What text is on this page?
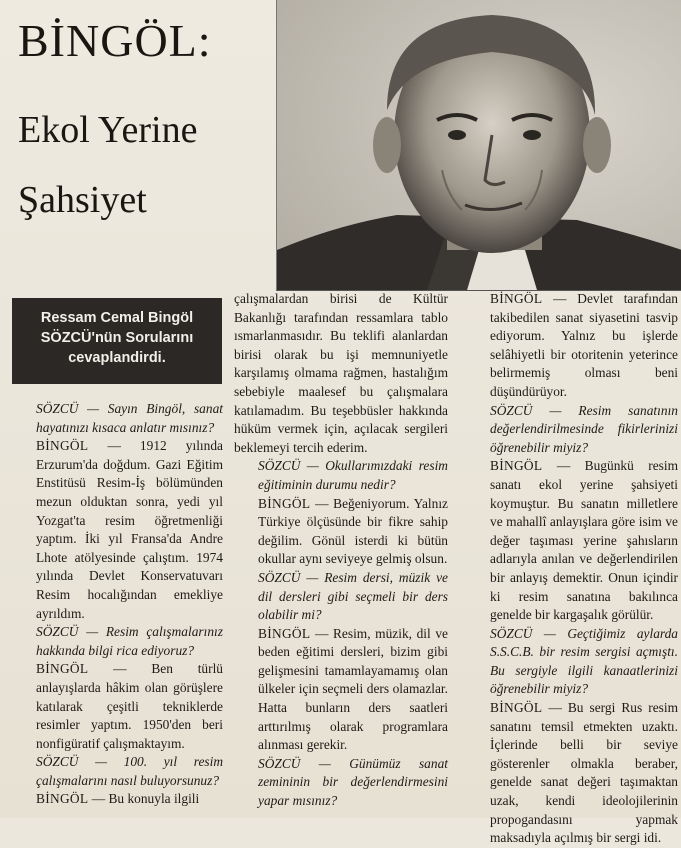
BİNGÖL:
Ekol Yerine
Şahsiyet
Ressam Cemal Bingöl
SÖZCÜ'nün Sorularını
cevaplandirdi.

SÖZCÜ — Sayın Bingöl, sanat hayatınızı kısaca anlatır mısınız?

BİNGÖL — 1912 yılında Erzurum'da doğdum. Gazi Eğitim Enstitüsü Resim-İş bölümünden mezun olduktan sonra, yedi yıl Yozgat'ta resim öğretmenliği yaptım. İki yıl Fransa'da Andre Lhote atölyesinde çalıştım. 1974 yılında Devlet Konservatuvarı Resim hocalığından emekliye ayrıldım.

SÖZCÜ — Resim çalışmalarınız hakkında bilgi rica ediyoruz?

BİNGÖL — Ben türlü anlayışlarda hâkim olan görüşlere katılarak çeşitli tekniklerde resimler yaptım. 1950'den beri nonfigüratif çalışmaktayım.

SÖZCÜ — 100. yıl resim çalışmalarını nasıl buluyorsunuz?

BİNGÖL — Bu konuyla ilgili

çalışmalardan birisi de Kültür Bakanlığı tarafından ressamlara tablo ısmarlanmasıdır. Bu teklifi alanlardan birisi olarak bu işi memnuniyetle karşılamış olmama rağmen, hastalığım sebebiyle maalesef bu çalışmalara katılamadım. Bu teşebbüsler hakkında hüküm vermek için, açılacak sergileri beklemeyi tercih ederim.

SÖZCÜ — Okullarımızdaki resim eğitiminin durumu nedir?

BİNGÖL — Beğeniyorum. Yalnız Türkiye ölçüsünde bir fikre sahip değilim. Gönül isterdi ki bütün okullar aynı seviyeye gelmiş olsun.

SÖZCÜ — Resim dersi, müzik ve dil dersleri gibi seçmeli bir ders olabilir mi?

BİNGÖL — Resim, müzik, dil ve beden eğitimi dersleri, bizim gibi gelişmesini tamamlayamamış olan ülkeler için seçmeli ders olamazlar. Hatta bunların ders saatleri arttırılmış olarak programlara alınması gerekir.

SÖZCÜ — Günümüz sanat zemininin bir değerlendirmesini yapar mısınız?

BİNGÖL — Devlet tarafından takibedilen sanat siyasetini tasvip ediyorum. Yalnız bu işlerde selâhiyetli bir otoritenin yeterince belirmemiş olması beni düşündürüyor.

SÖZCÜ — Resim sanatının değerlendirilmesinde fikirlerinizi öğrenebilir miyiz?

BİNGÖL — Bugünkü resim sanatı ekol yerine şahsiyeti koymuştur. Bu sanatın milletlere ve mahallî anlayışlara göre isim ve değer taşıması yerine şahısların adlarıyla anılan ve değerlendirilen bir anlayış demektir. Onun içindir ki resim sanatına bakılınca genelde bir kargaşalık görülür.

SÖZCÜ — Geçtiğimiz aylarda S.S.C.B. bir resim sergisi açmıştı. Bu sergiyle ilgili kanaatlerinizi öğrenebilir miyiz?

BİNGÖL — Bu sergi Rus resim sanatını temsil etmekten uzaktı. İçlerinde belli bir seviye gösterenler olmakla beraber, genelde sanat değeri taşımaktan uzak, kendi ideolojilerinin propogandasını yapmak maksadıyla açılmış bir sergi idi.
